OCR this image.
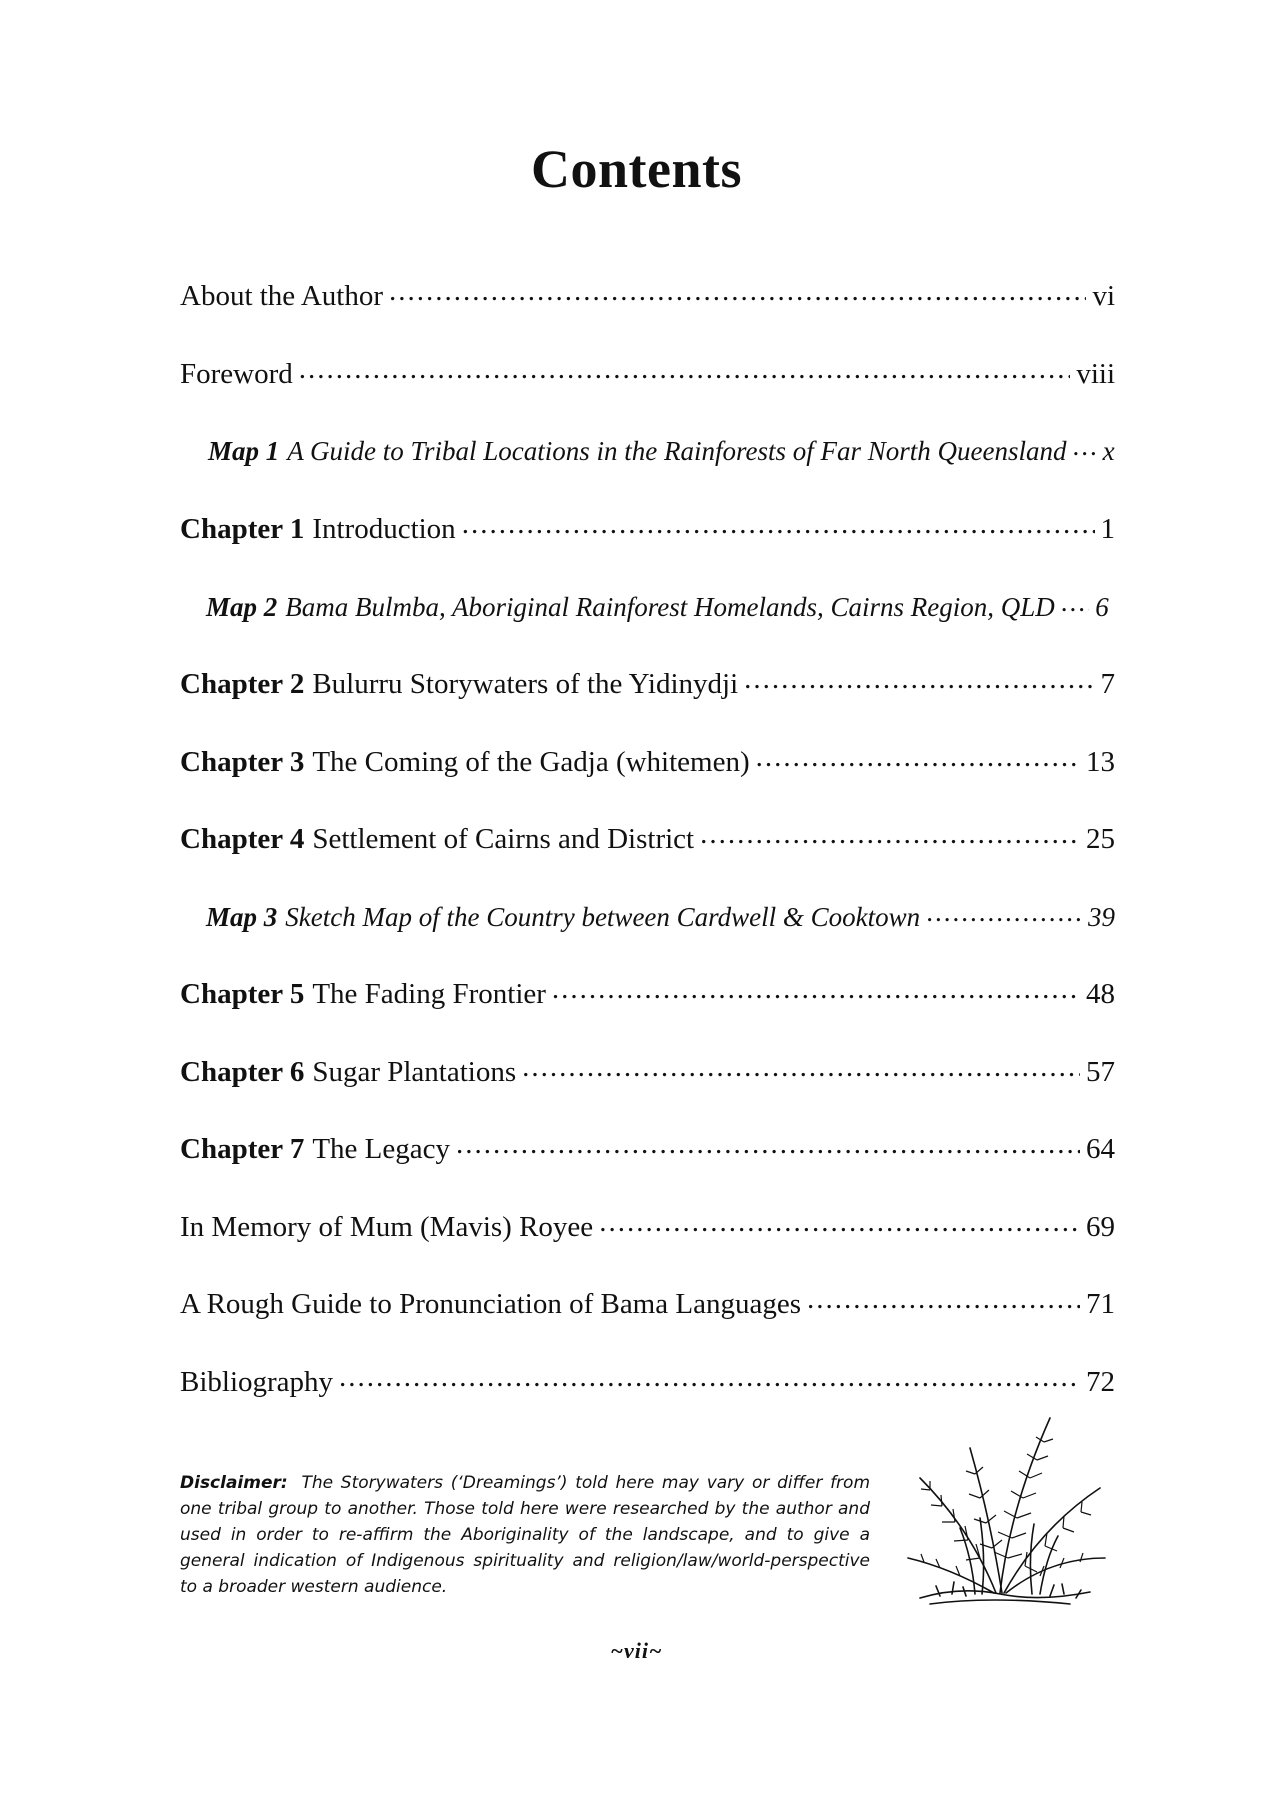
Contents
About the Author .....	vi
Foreword .....	viii
Map 1 A Guide to Tribal Locations in the Rainforests of Far North Queensland ..... x
Chapter 1 Introduction .....	1
Map 2 Bama Bulmba, Aboriginal Rainforest Homelands, Cairns Region, QLD ..... 6
Chapter 2 Bulurru Storywaters of the Yidinydji .....	7
Chapter 3 The Coming of the Gadja (whitemen) .....	13
Chapter 4 Settlement of Cairns and District .....	25
Map 3 Sketch Map of the Country between Cardwell & Cooktown .....	39
Chapter 5 The Fading Frontier .....	48
Chapter 6 Sugar Plantations .....	57
Chapter 7 The Legacy .....	64
In Memory of Mum (Mavis) Royee .....	69
A Rough Guide to Pronunciation of Bama Languages .....	71
Bibliography .....	72

Disclaimer: The Storywaters (‘Dreamings’) told here may vary or differ from one tribal group to another. Those told here were researched by the author and used in order to re-affirm the Aboriginality of the landscape, and to give a general indication of Indigenous spirituality and religion/law/world-perspective to a broader western audience.

~vii~
